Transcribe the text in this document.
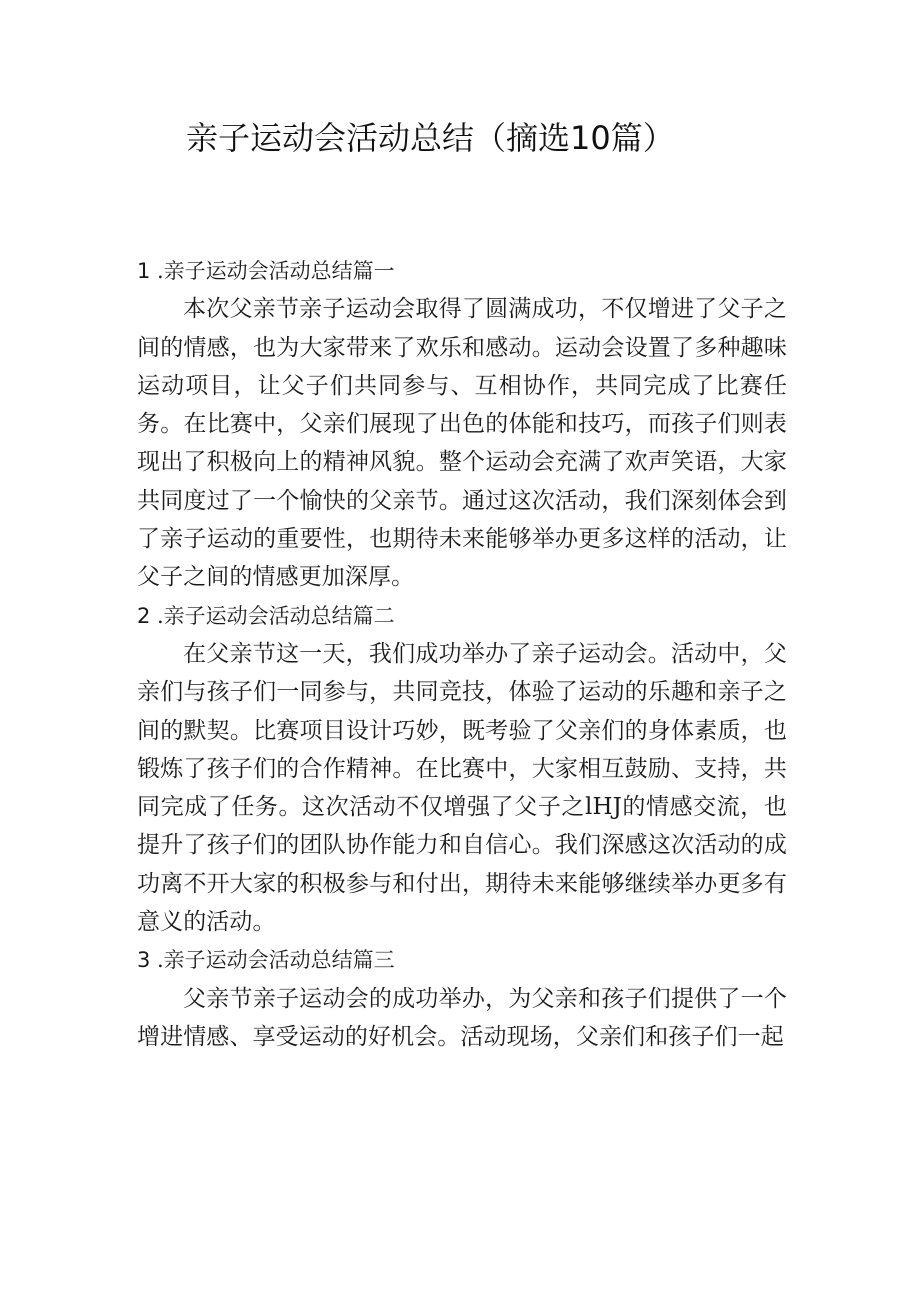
亲子运动会活动总结（摘选10篇）
1 .亲子运动会活动总结篇一

本次父亲节亲子运动会取得了圆满成功，不仅增进了父子之间的情感，也为大家带来了欢乐和感动。运动会设置了多种趣味运动项目，让父子们共同参与、互相协作，共同完成了比赛任务。在比赛中，父亲们展现了出色的体能和技巧，而孩子们则表现出了积极向上的精神风貌。整个运动会充满了欢声笑语，大家共同度过了一个愉快的父亲节。通过这次活动，我们深刻体会到了亲子运动的重要性，也期待未来能够举办更多这样的活动，让父子之间的情感更加深厚。

2 .亲子运动会活动总结篇二

在父亲节这一天，我们成功举办了亲子运动会。活动中，父亲们与孩子们一同参与，共同竞技，体验了运动的乐趣和亲子之间的默契。比赛项目设计巧妙，既考验了父亲们的身体素质，也锻炼了孩子们的合作精神。在比赛中，大家相互鼓励、支持，共同完成了任务。这次活动不仅增强了父子之lHJ的情感交流，也提升了孩子们的团队协作能力和自信心。我们深感这次活动的成功离不开大家的积极参与和付出，期待未来能够继续举办更多有意义的活动。

3 .亲子运动会活动总结篇三

父亲节亲子运动会的成功举办，为父亲和孩子们提供了一个增进情感、享受运动的好机会。活动现场，父亲们和孩子们一起
